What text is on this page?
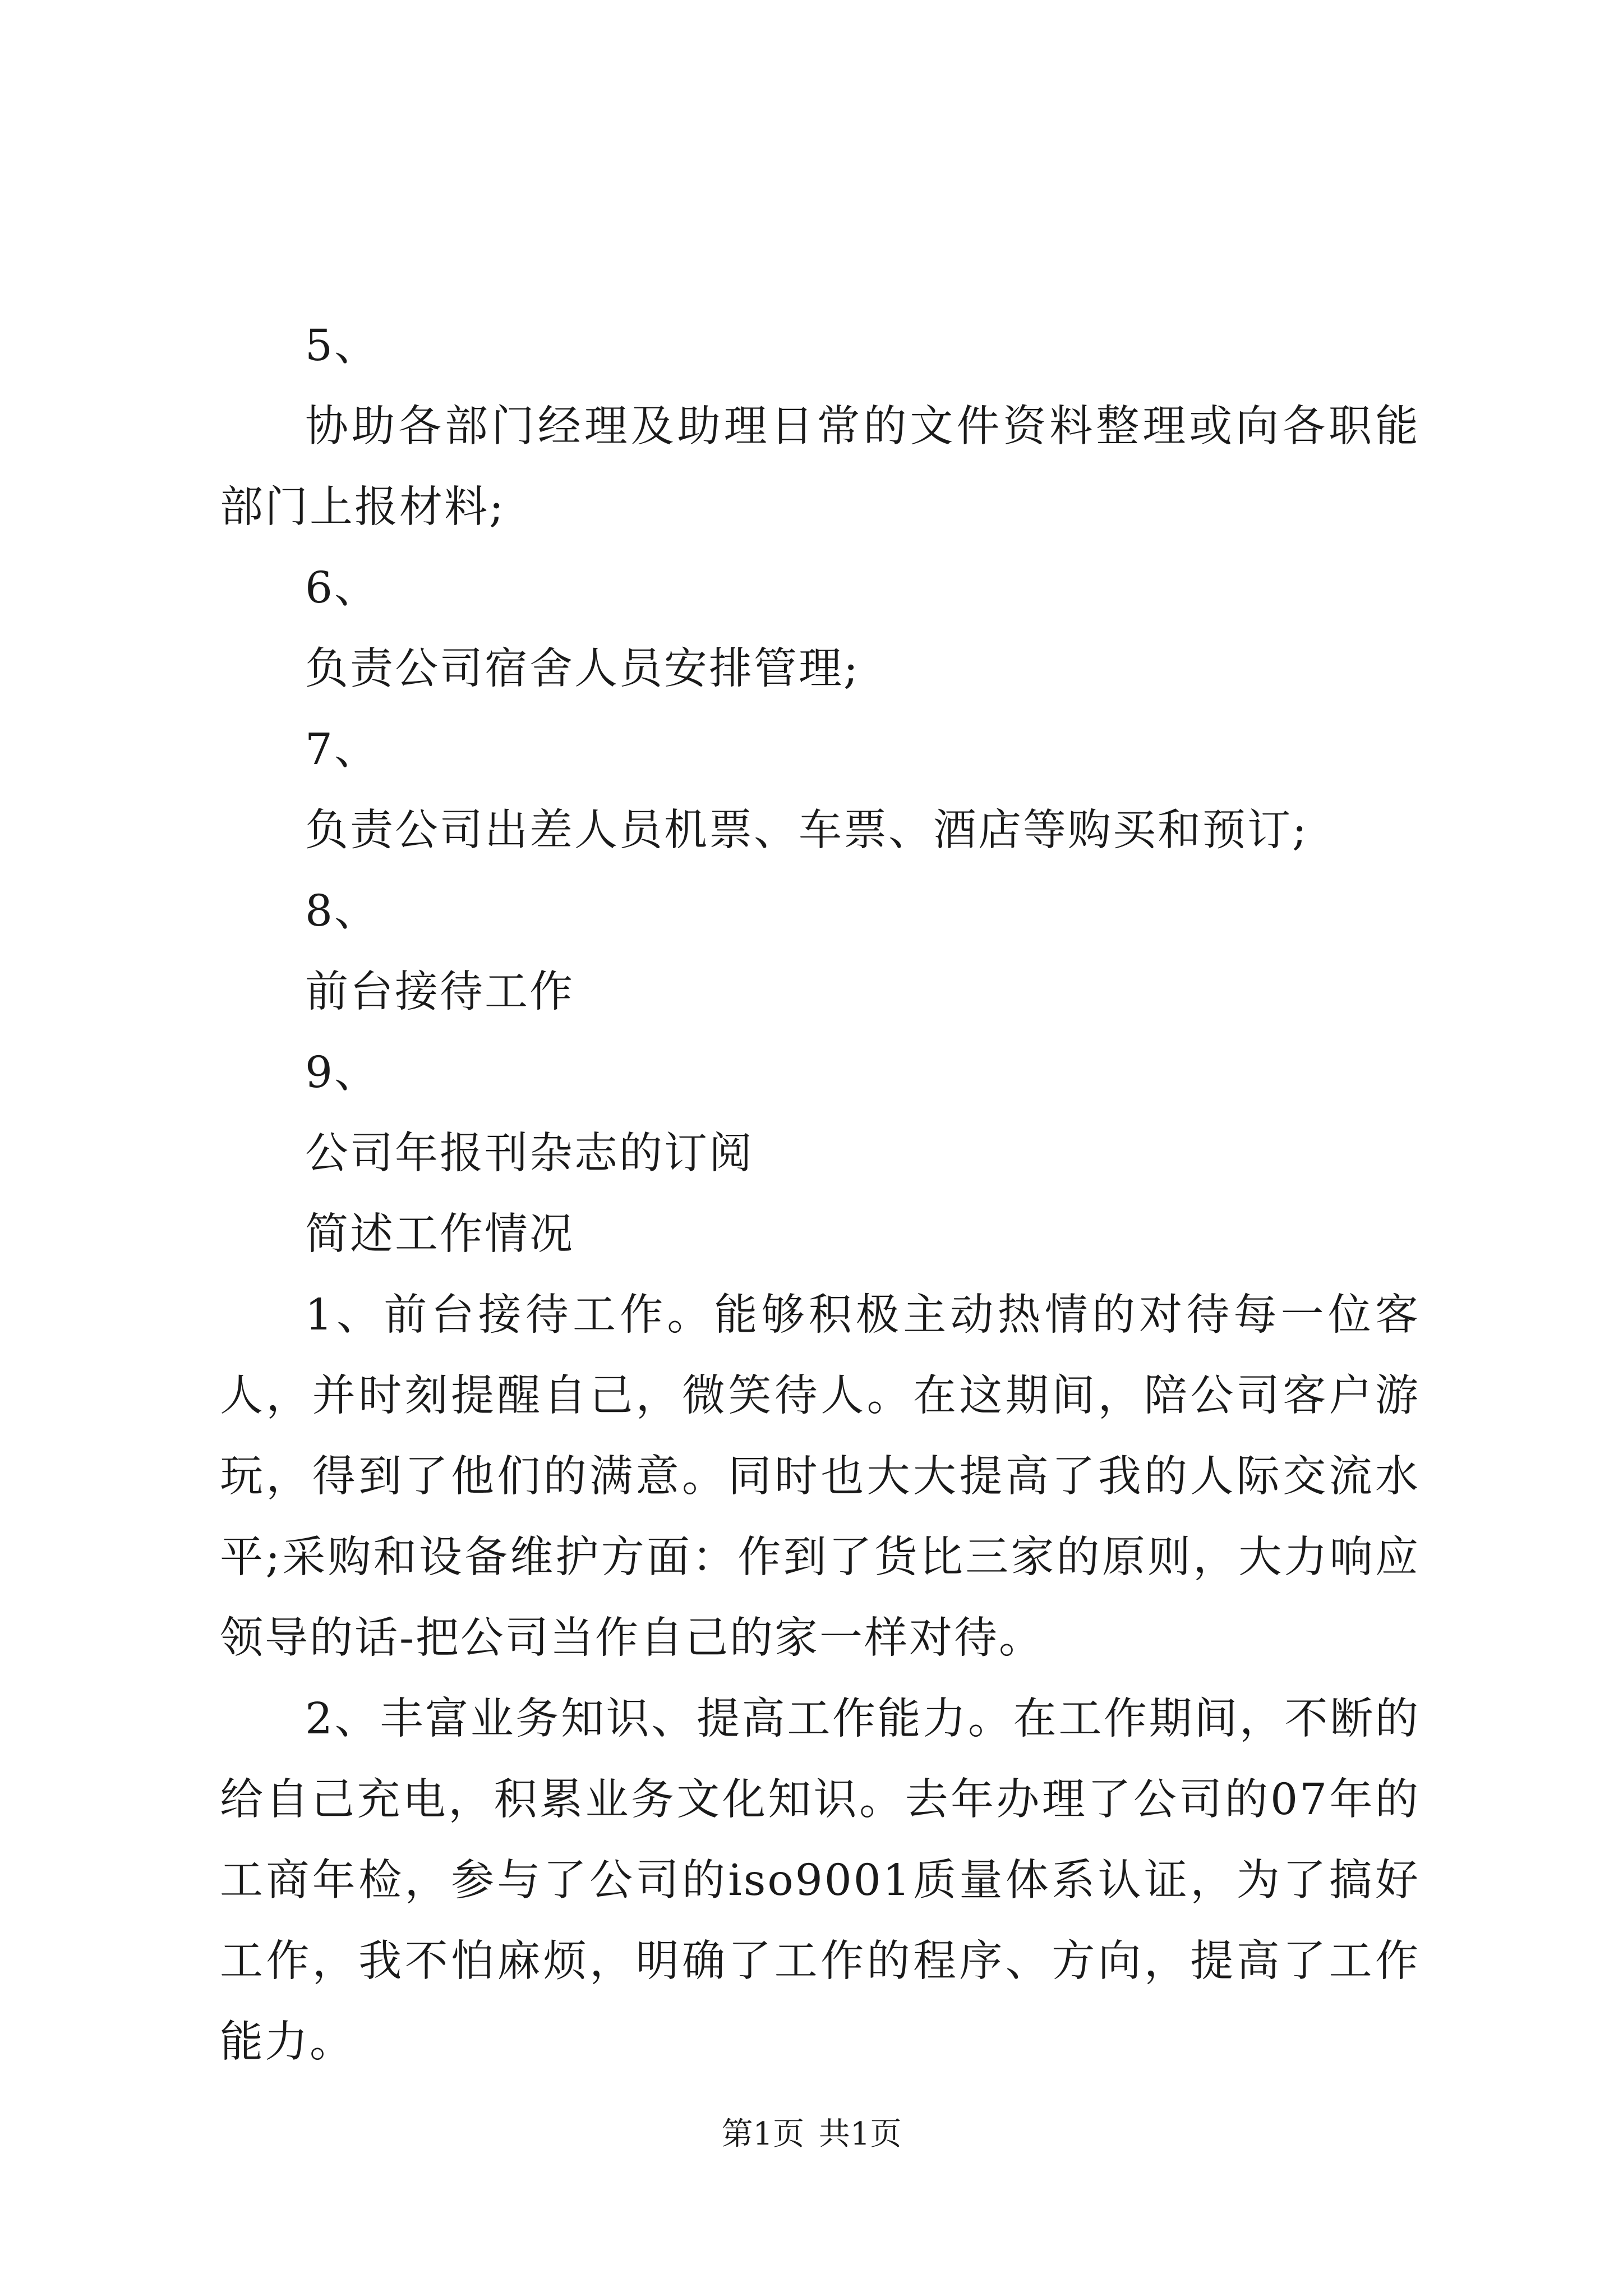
5、
协助各部门经理及助理日常的文件资料整理或向各职能部门上报材料;
6、
负责公司宿舍人员安排管理;
7、
负责公司出差人员机票、车票、酒店等购买和预订;
8、
前台接待工作
9、
公司年报刊杂志的订阅
简述工作情况
1、前台接待工作。能够积极主动热情的对待每一位客人，并时刻提醒自己，微笑待人。在这期间，陪公司客户游玩，得到了他们的满意。同时也大大提高了我的人际交流水平;采购和设备维护方面：作到了货比三家的原则，大力响应领导的话-把公司当作自己的家一样对待。
2、丰富业务知识、提高工作能力。在工作期间，不断的给自己充电，积累业务文化知识。去年办理了公司的07年的工商年检，参与了公司的iso9001质量体系认证，为了搞好工作，我不怕麻烦，明确了工作的程序、方向，提高了工作能力。
第1页 共1页
